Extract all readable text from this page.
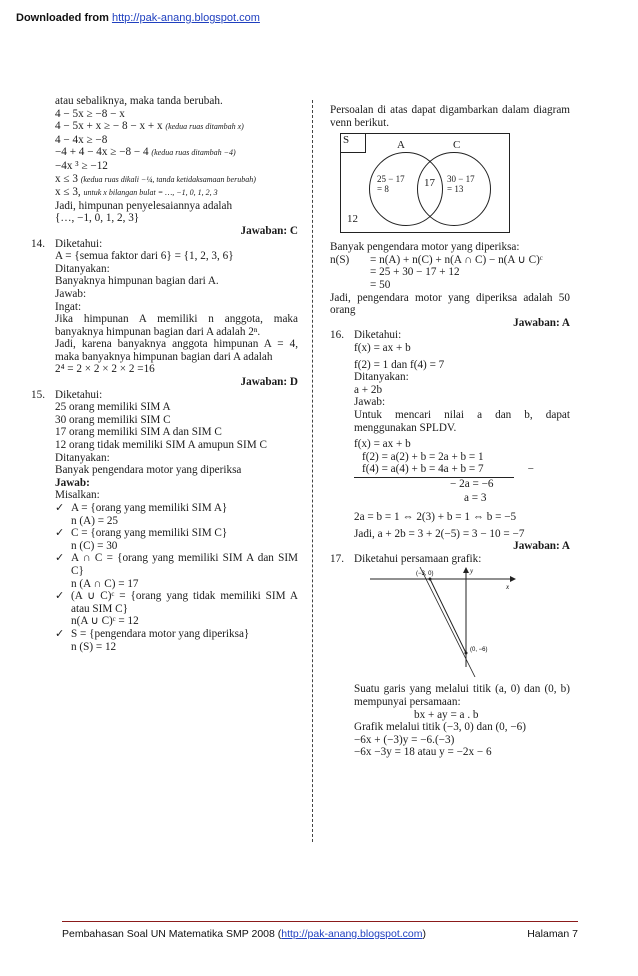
Downloaded from http://pak-anang.blogspot.com
atau sebaliknya, maka tanda berubah.
4 − 5x ≥ −8 − x
4 − 5x + x ≥ − 8 − x + x (kedua ruas ditambah x)
4 − 4x ≥ −8
−4 + 4 − 4x ≥ −8 − 4 (kedua ruas ditambah −4)
−4x ³ ≥ −12
x ≤ 3 (kedua ruas dikali −¼, tanda ketidaksamaan berubah)
x ≤ 3, untuk x bilangan bulat = …, −1, 0, 1, 2, 3
Jadi, himpunan penyelesaiannya adalah
{…, −1, 0, 1, 2, 3}
Jawaban: C
14. Diketahui:
A = {semua faktor dari 6} = {1, 2, 3, 6}
Ditanyakan:
Banyaknya himpunan bagian dari A.
Jawab:
Ingat:
Jika himpunan A memiliki n anggota, maka banyaknya himpunan bagian dari A adalah 2ⁿ.
Jadi, karena banyaknya anggota himpunan A = 4, maka banyaknya himpunan bagian dari A adalah
2⁴ = 2 × 2 × 2 × 2 =16
Jawaban: D
15. Diketahui:
25 orang memiliki SIM A
30 orang memiliki SIM C
17 orang memiliki SIM A dan SIM C
12 orang tidak memiliki SIM A amupun SIM C
Ditanyakan:
Banyak pengendara motor yang diperiksa
Jawab:
Misalkan:
✓ A = {orang yang memiliki SIM A}
n (A) = 25
✓ C = {orang yang memiliki SIM C}
n (C) = 30
✓ A ∩ C = {orang yang memiliki SIM A dan SIM C}
n (A ∩ C) = 17
✓ (A ∪ C)ᶜ = {orang yang tidak memiliki SIM A atau SIM C}
n(A ∪ C)ᶜ = 12
✓ S = {pengendara motor yang diperiksa}
n (S) = 12
Persoalan di atas dapat digambarkan dalam diagram venn berikut.
S	A	C
25 − 17
= 8	17 30 − 17
= 13
12
Banyak pengendara motor yang diperiksa:
n(S) = n(A) + n(C) + n(A ∩ C) − n(A ∪ C)ᶜ
= 25 + 30 − 17 + 12
= 50
Jadi, pengendara motor yang diperiksa adalah 50 orang
Jawaban: A
16. Diketahui:
f(x) = ax + b
f(2) = 1 dan f(4) = 7
Ditanyakan:
a + 2b
Jawab:
Untuk mencari nilai a dan b, dapat menggunakan SPLDV.
f(x) = ax + b
f(2) = a(2) + b = 2a + b = 1
f(4) = a(4) + b = 4a + b = 7	−
− 2a = −6
a = 3
2a = b = 1 ⇔ 2(3) + b = 1 ⇔ b = −5
Jadi, a + 2b = 3 + 2(−5) = 3 − 10 = −7
Jawaban: A
17. Diketahui persamaan grafik:
(−3, 0)
(0, −6)
y
x
Suatu garis yang melalui titik (a, 0) dan (0, b) mempunyai persamaan:
bx + ay = a . b
Grafik melalui titik (−3, 0) dan (0, −6)
−6x + (−3)y = −6.(−3)
−6x −3y = 18 atau y = −2x − 6
Pembahasan Soal UN Matematika SMP 2008 (http://pak-anang.blogspot.com)	Halaman 7
